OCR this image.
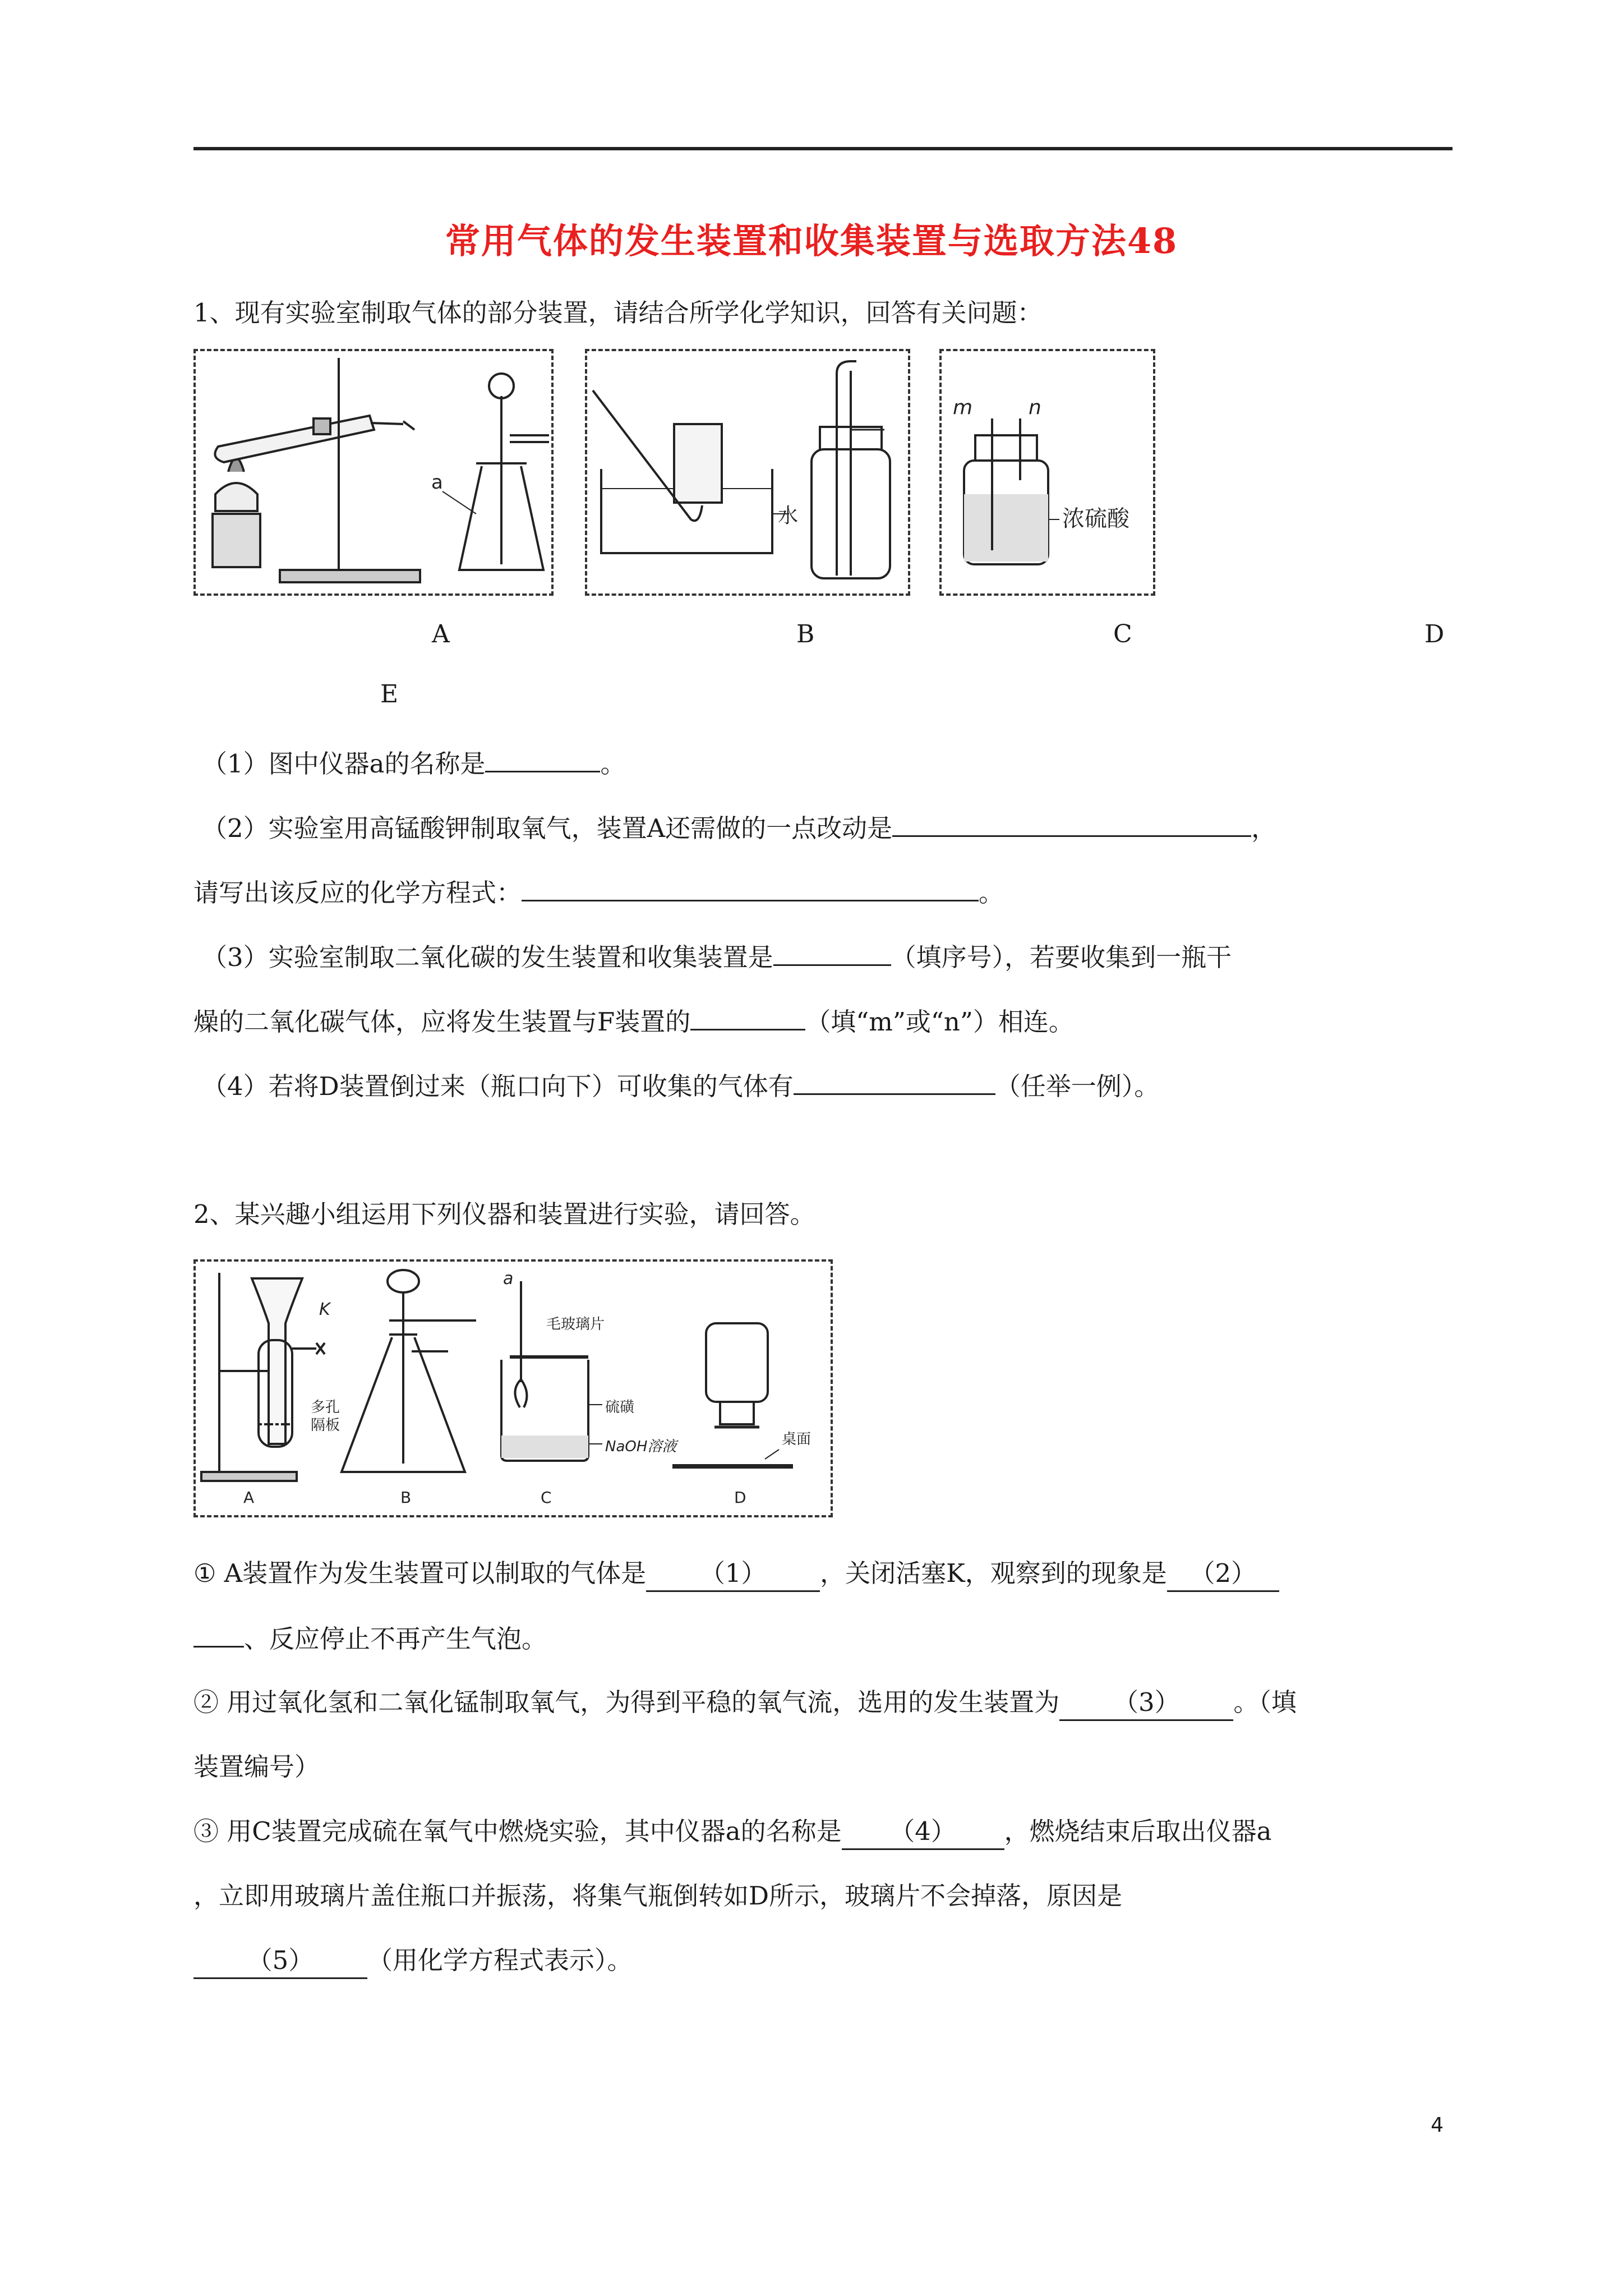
常用气体的发生装置和收集装置与选取方法48
1、现有实验室制取气体的部分装置，请结合所学化学知识，回答有关问题：
a
水
m	n
浓硫酸
A	B	C	D
E
（1）图中仪器a的名称是	。
（2）实验室用高锰酸钾制取氧气，装置A还需做的一点改动是	，
请写出该反应的化学方程式：	。
（3）实验室制取二氧化碳的发生装置和收集装置是	（填序号），若要收集到一瓶干
燥的二氧化碳气体，应将发生装置与F装置的	（填“m”或“n”）相连。
（4）若将D装置倒过来（瓶口向下）可收集的气体有	（任举一例）。
2、某兴趣小组运用下列仪器和装置进行实验，请回答。
K
多孔
隔板
a
毛玻璃片
硫磺
NaOH溶液	桌面
A	B	C	D
① A装置作为发生装置可以制取的气体是 （1） ，关闭活塞K，观察到的现象是 （2）
、反应停止不再产生气泡。
② 用过氧化氢和二氧化锰制取氧气，为得到平稳的氧气流，选用的发生装置为 （3） 。（填
装置编号）
③ 用C装置完成硫在氧气中燃烧实验，其中仪器a的名称是 （4） ，燃烧结束后取出仪器a
，立即用玻璃片盖住瓶口并振荡，将集气瓶倒转如D所示，玻璃片不会掉落，原因是
（5） （用化学方程式表示）。
4
